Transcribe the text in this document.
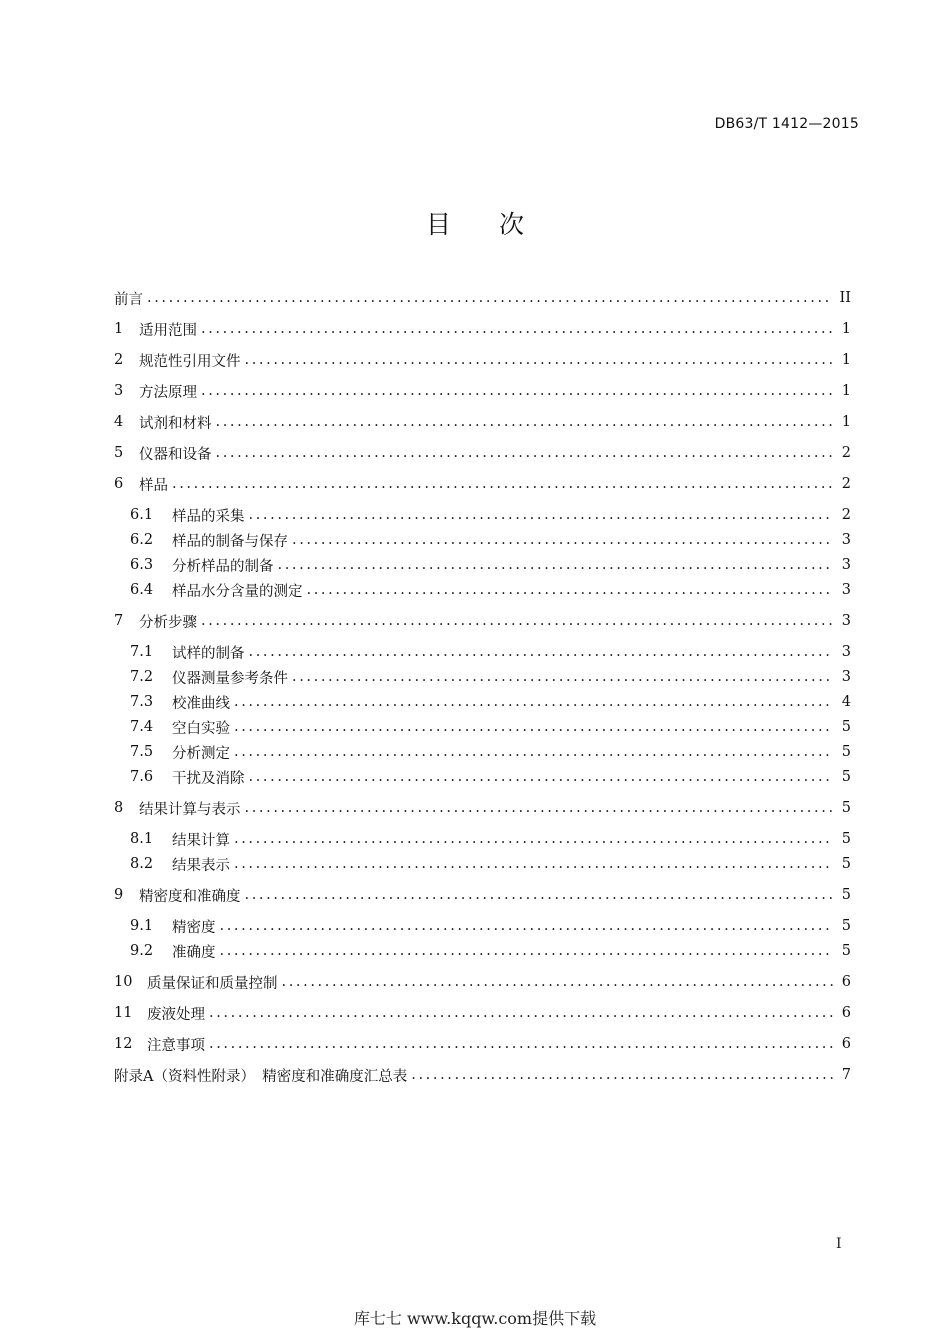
DB63/T 1412—2015
目次
前言 .....	II
1	适用范围 .....	1
2	规范性引用文件 .....	1
3	方法原理 .....	1
4	试剂和材料 .....	1
5	仪器和设备 .....	2
6	样品 .....	2
6.1	样品的采集 .....	2
6.2	样品的制备与保存 .....	3
6.3	分析样品的制备 .....	3
6.4	样品水分含量的测定 .....	3
7	分析步骤 .....	3
7.1	试样的制备 .....	3
7.2	仪器测量参考条件 .....	3
7.3	校准曲线 .....	4
7.4	空白实验 .....	5
7.5	分析测定 .....	5
7.6	干扰及消除 .....	5
8	结果计算与表示 .....	5
8.1	结果计算 .....	5
8.2	结果表示 .....	5
9	精密度和准确度 .....	5
9.1	精密度 .....	5
9.2	准确度 .....	5
10	质量保证和质量控制 .....	6
11	废液处理 .....	6
12	注意事项 .....	6
附录A（资料性附录）　精密度和准确度汇总表 .....	7
I
库七七 www.kqqw.com提供下载
